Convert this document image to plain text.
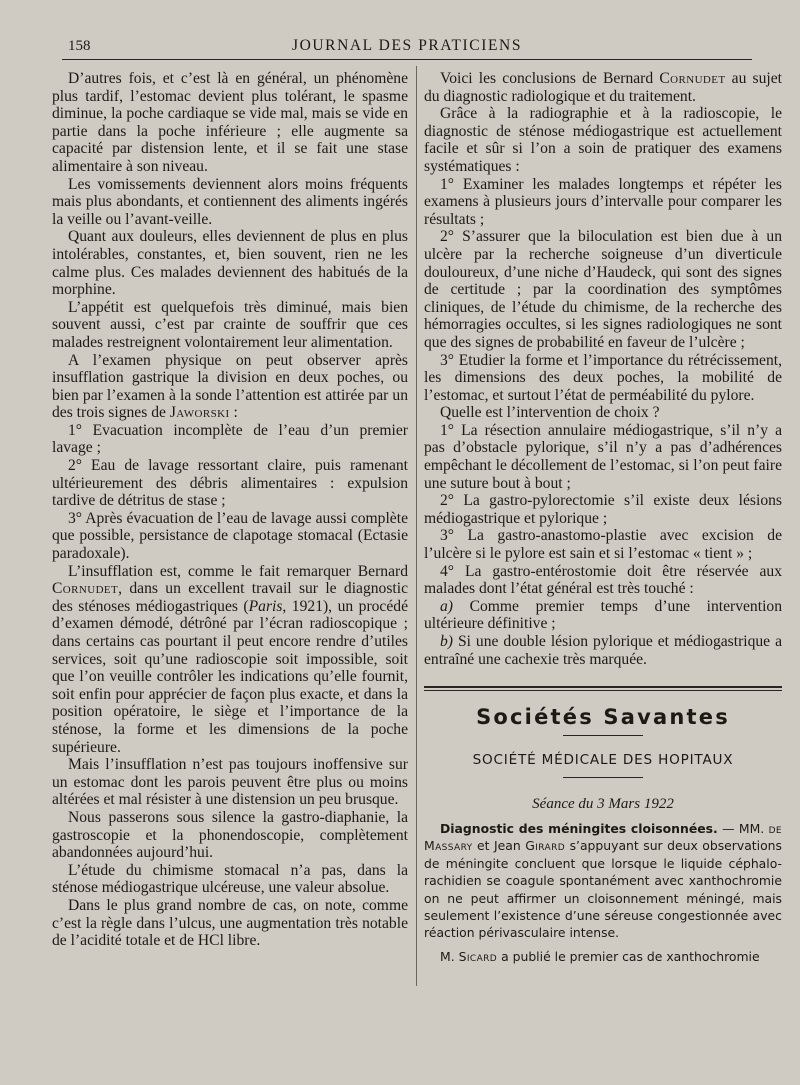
158	JOURNAL DES PRATICIENS

D’autres fois, et c’est là en général, un phénomène plus tardif, l’estomac devient plus tolérant, le spasme diminue, la poche cardiaque se vide mal, mais se vide en partie dans la poche inférieure ; elle augmente sa capacité par distension lente, et il se fait une stase alimentaire à son niveau.

Les vomissements deviennent alors moins fréquents mais plus abondants, et contiennent des aliments ingérés la veille ou l’avant-veille.

Quant aux douleurs, elles deviennent de plus en plus intolérables, constantes, et, bien souvent, rien ne les calme plus. Ces malades deviennent des habitués de la morphine.

L’appétit est quelquefois très diminué, mais bien souvent aussi, c’est par crainte de souffrir que ces malades restreignent volontairement leur alimentation.

A l’examen physique on peut observer après insufflation gastrique la division en deux poches, ou bien par l’examen à la sonde l’attention est attirée par un des trois signes de Jaworski :

1° Evacuation incomplète de l’eau d’un premier lavage ;

2° Eau de lavage ressortant claire, puis ramenant ultérieurement des débris alimentaires : expulsion tardive de détritus de stase ;

3° Après évacuation de l’eau de lavage aussi complète que possible, persistance de clapotage stomacal (Ectasie paradoxale).

L’insufflation est, comme le fait remarquer Bernard Cornudet, dans un excellent travail sur le diagnostic des sténoses médiogastriques (Paris, 1921), un procédé d’examen démodé, détrôné par l’écran radioscopique ; dans certains cas pourtant il peut encore rendre d’utiles services, soit qu’une radioscopie soit impossible, soit que l’on veuille contrôler les indications qu’elle fournit, soit enfin pour apprécier de façon plus exacte, et dans la position opératoire, le siège et l’importance de la sténose, la forme et les dimensions de la poche supérieure.

Mais l’insufflation n’est pas toujours inoffensive sur un estomac dont les parois peuvent être plus ou moins altérées et mal résister à une distension un peu brusque.

Nous passerons sous silence la gastro-diaphanie, la gastroscopie et la phonendoscopie, complètement abandonnées aujourd’hui.

L’étude du chimisme stomacal n’a pas, dans la sténose médiogastrique ulcéreuse, une valeur absolue.

Dans le plus grand nombre de cas, on note, comme c’est la règle dans l’ulcus, une augmentation très notable de l’acidité totale et de HCl libre.

Voici les conclusions de Bernard Cornudet au sujet du diagnostic radiologique et du traitement.

Grâce à la radiographie et à la radioscopie, le diagnostic de sténose médiogastrique est actuellement facile et sûr si l’on a soin de pratiquer des examens systématiques :

1° Examiner les malades longtemps et répéter les examens à plusieurs jours d’intervalle pour comparer les résultats ;

2° S’assurer que la biloculation est bien due à un ulcère par la recherche soigneuse d’un diverticule douloureux, d’une niche d’Haudeck, qui sont des signes de certitude ; par la coordination des symptômes cliniques, de l’étude du chimisme, de la recherche des hémorragies occultes, si les signes radiologiques ne sont que des signes de probabilité en faveur de l’ulcère ;

3° Etudier la forme et l’importance du rétrécissement, les dimensions des deux poches, la mobilité de l’estomac, et surtout l’état de perméabilité du pylore.

Quelle est l’intervention de choix ?

1° La résection annulaire médiogastrique, s’il n’y a pas d’obstacle pylorique, s’il n’y a pas d’adhérences empêchant le décollement de l’estomac, si l’on peut faire une suture bout à bout ;

2° La gastro-pylorectomie s’il existe deux lésions médiogastrique et pylorique ;

3° La gastro-anastomo-plastie avec excision de l’ulcère si le pylore est sain et si l’estomac « tient » ;

4° La gastro-entérostomie doit être réservée aux malades dont l’état général est très touché :

a) Comme premier temps d’une intervention ultérieure définitive ;

b) Si une double lésion pylorique et médiogastrique a entraîné une cachexie très marquée.

Sociétés Savantes
SOCIÉTÉ MÉDICALE DES HOPITAUX
Séance du 3 Mars 1922

Diagnostic des méningites cloisonnées. — MM. de Massary et Jean Girard s’appuyant sur deux observations de méningite concluent que lorsque le liquide céphalo-rachidien se coagule spontanément avec xanthochromie on ne peut affirmer un cloisonnement méningé, mais seulement l’existence d’une séreuse congestionnée avec réaction périvasculaire intense.

M. Sicard a publié le premier cas de xanthochromie
